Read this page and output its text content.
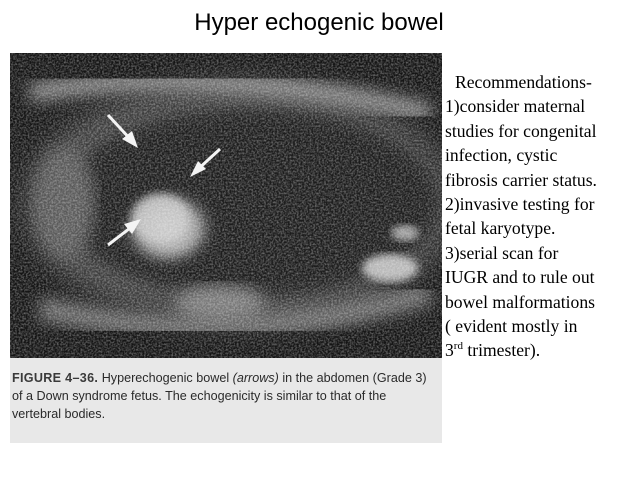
Hyper echogenic bowel
FIGURE 4–36. Hyperechogenic bowel (arrows) in the abdomen (Grade 3) of a Down syndrome fetus. The echogenicity is similar to that of the vertebral bodies.
Recommendations-
1)consider maternal
studies for congenital
infection, cystic
fibrosis carrier status.
2)invasive testing for
fetal karyotype.
3)serial scan for
IUGR and to rule out
bowel malformations
( evident mostly in
3rd trimester).
